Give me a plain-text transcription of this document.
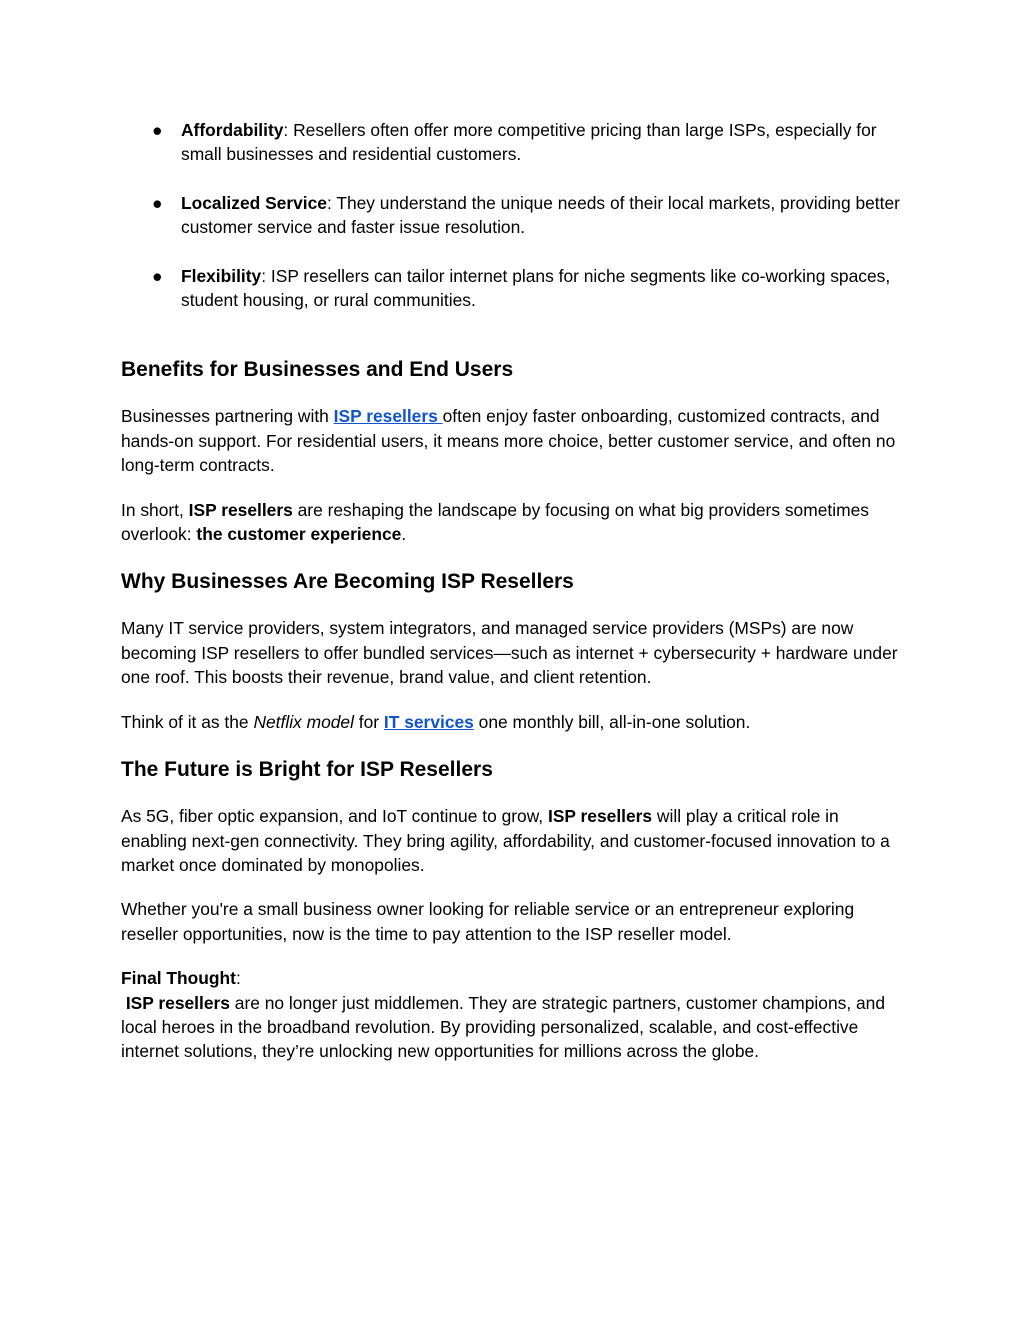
● Affordability: Resellers often offer more competitive pricing than large ISPs, especially for small businesses and residential customers.
● Localized Service: They understand the unique needs of their local markets, providing better customer service and faster issue resolution.
● Flexibility: ISP resellers can tailor internet plans for niche segments like co-working spaces, student housing, or rural communities.
Benefits for Businesses and End Users

Businesses partnering with ISP resellers often enjoy faster onboarding, customized contracts, and hands-on support. For residential users, it means more choice, better customer service, and often no long-term contracts.

In short, ISP resellers are reshaping the landscape by focusing on what big providers sometimes overlook: the customer experience.

Why Businesses Are Becoming ISP Resellers

Many IT service providers, system integrators, and managed service providers (MSPs) are now becoming ISP resellers to offer bundled services—such as internet + cybersecurity + hardware under one roof. This boosts their revenue, brand value, and client retention.

Think of it as the Netflix model for IT services one monthly bill, all-in-one solution.

The Future is Bright for ISP Resellers

As 5G, fiber optic expansion, and IoT continue to grow, ISP resellers will play a critical role in enabling next-gen connectivity. They bring agility, affordability, and customer-focused innovation to a market once dominated by monopolies.

Whether you're a small business owner looking for reliable service or an entrepreneur exploring reseller opportunities, now is the time to pay attention to the ISP reseller model.

Final Thought:

ISP resellers are no longer just middlemen. They are strategic partners, customer champions, and local heroes in the broadband revolution. By providing personalized, scalable, and cost-effective internet solutions, they’re unlocking new opportunities for millions across the globe.
